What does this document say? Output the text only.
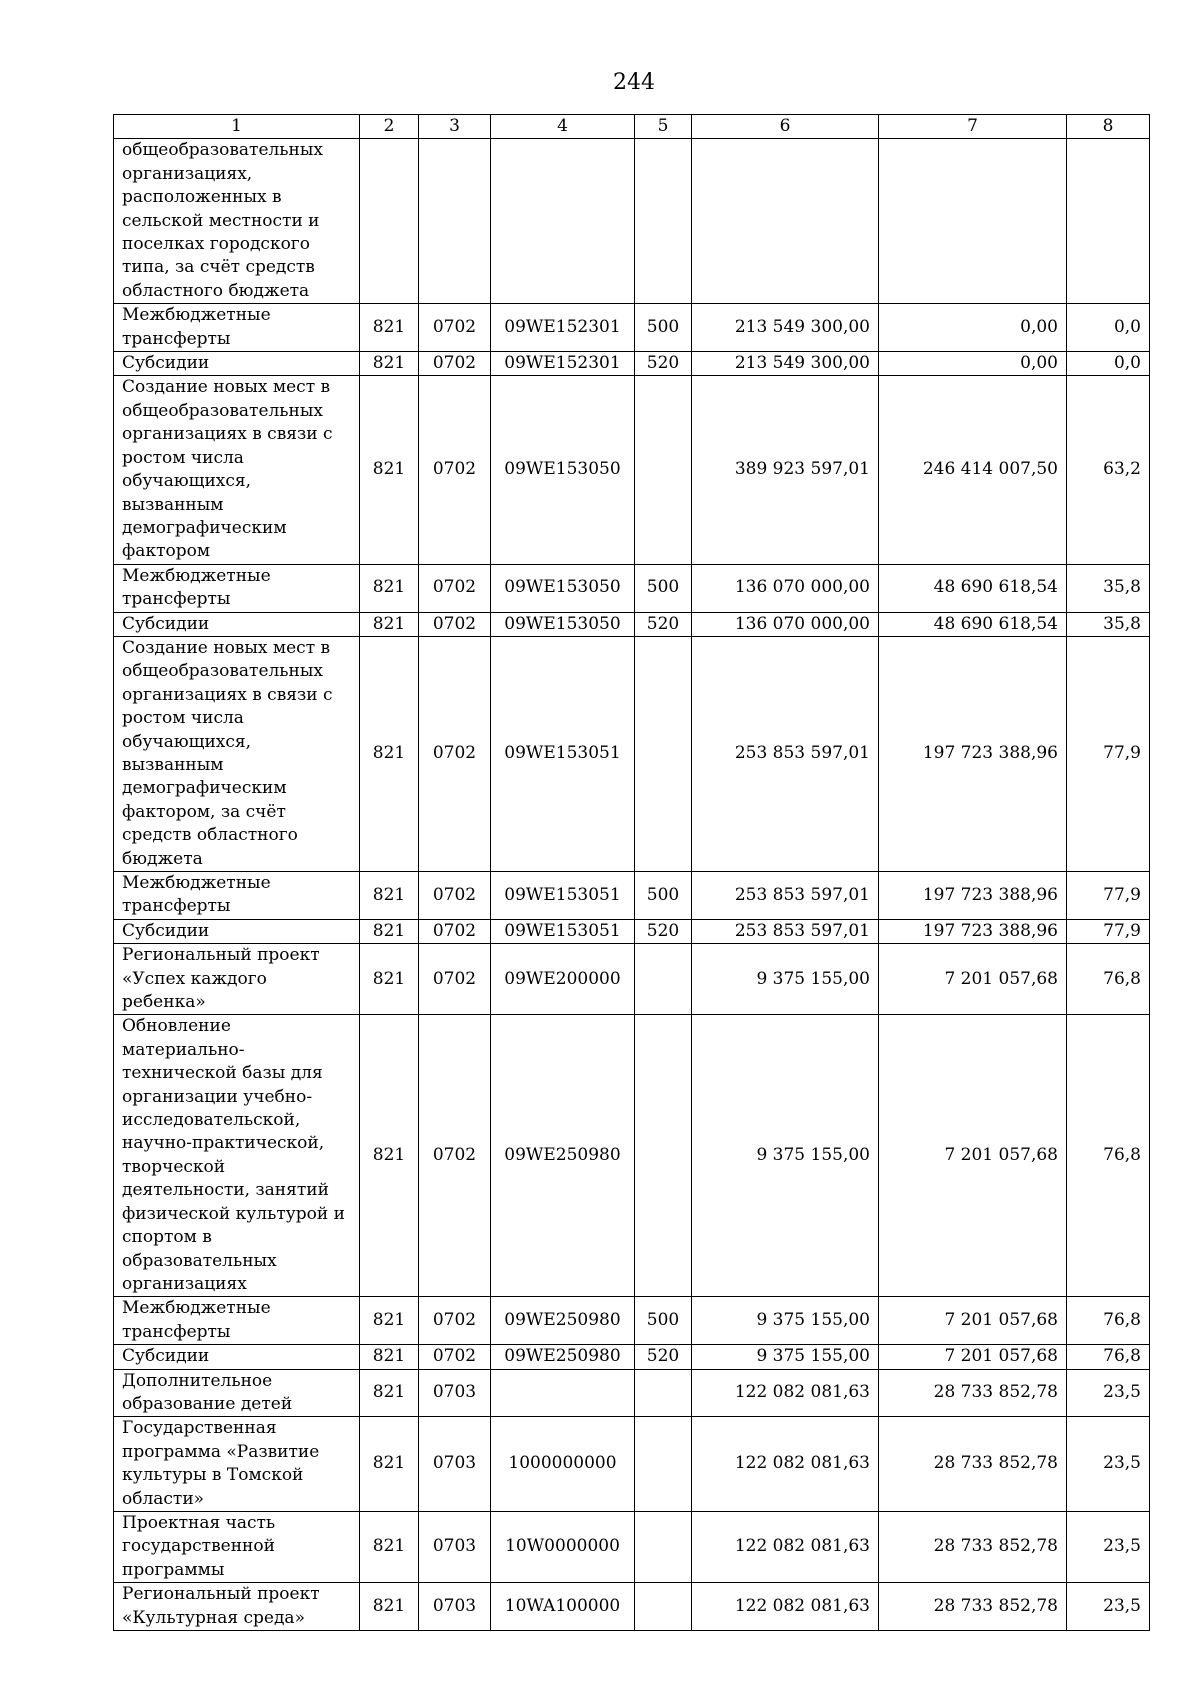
244
1	2	3	4	5	6	7	8
общеобразовательных организациях, расположенных в сельской местности и поселках городского типа, за счёт средств областного бюджета							
Межбюджетные трансферты	821	0702	09WE152301	500	213 549 300,00	0,00	0,0
Субсидии	821	0702	09WE152301	520	213 549 300,00	0,00	0,0
Создание новых мест в общеобразовательных организациях в связи с ростом числа обучающихся, вызванным демографическим фактором	821	0702	09WE153050		389 923 597,01	246 414 007,50	63,2
Межбюджетные трансферты	821	0702	09WE153050	500	136 070 000,00	48 690 618,54	35,8
Субсидии	821	0702	09WE153050	520	136 070 000,00	48 690 618,54	35,8
Создание новых мест в общеобразовательных организациях в связи с ростом числа обучающихся, вызванным демографическим фактором, за счёт средств областного бюджета	821	0702	09WE153051		253 853 597,01	197 723 388,96	77,9
Межбюджетные трансферты	821	0702	09WE153051	500	253 853 597,01	197 723 388,96	77,9
Субсидии	821	0702	09WE153051	520	253 853 597,01	197 723 388,96	77,9
Региональный проект «Успех каждого ребенка»	821	0702	09WE200000		9 375 155,00	7 201 057,68	76,8
Обновление материально-технической базы для организации учебно-исследовательской, научно-практической, творческой деятельности, занятий физической культурой и спортом в образовательных организациях	821	0702	09WE250980		9 375 155,00	7 201 057,68	76,8
Межбюджетные трансферты	821	0702	09WE250980	500	9 375 155,00	7 201 057,68	76,8
Субсидии	821	0702	09WE250980	520	9 375 155,00	7 201 057,68	76,8
Дополнительное образование детей	821	0703			122 082 081,63	28 733 852,78	23,5
Государственная программа «Развитие культуры в Томской области»	821	0703	1000000000		122 082 081,63	28 733 852,78	23,5
Проектная часть государственной программы	821	0703	10W0000000		122 082 081,63	28 733 852,78	23,5
Региональный проект «Культурная среда»	821	0703	10WA100000		122 082 081,63	28 733 852,78	23,5
